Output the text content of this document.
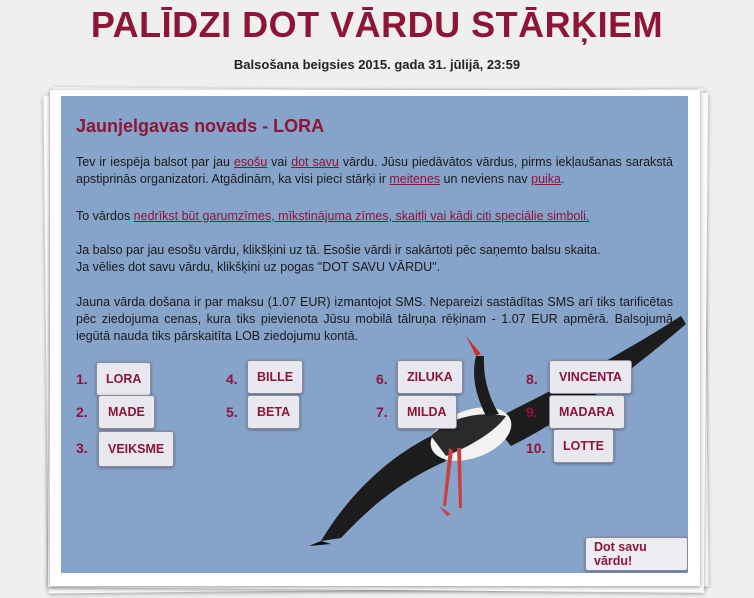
PALĪDZI DOT VĀRDU STĀRĶIEM
Balsošana beigsies 2015. gada 31. jūlijā, 23:59
Jaunjelgavas novads - LORA
Tev ir iespēja balsot par jau esošu vai dot savu vārdu. Jūsu piedāvātos vārdus, pirms iekļaušanas sarakstā apstiprinās organizatori. Atgādinām, ka visi pieci stārķi ir meitenes un neviens nav puika.
To vārdos nedrīkst būt garumzīmes, mīkstinājuma zīmes, skaitļi vai kādi citi speciālie simboli.
Ja balso par jau esošu vārdu, klikšķini uz tā. Esošie vārdi ir sakārtoti pēc saņemto balsu skaita.
Ja vēlies dot savu vārdu, klikšķini uz pogas "DOT SAVU VĀRDU".
Jauna vārda došana ir par maksu (1.07 EUR) izmantojot SMS. Nepareizi sastādītas SMS arī tiks tarificētas pēc ziedojuma cenas, kura tiks pievienota Jūsu mobilā tālruņa rēķinam - 1.07 EUR apmērā. Balsojumā iegūtā nauda tiks pārskaitīta LOB ziedojumu kontā.
1.	LORA
2.	MADE
3.	VEIKSME
4.	BILLE
5.	BETA
6.	ZILUKA
7.	MILDA
8.	VINCENTA
9.	MADARA
10.	LOTTE
Dot savu vārdu!
